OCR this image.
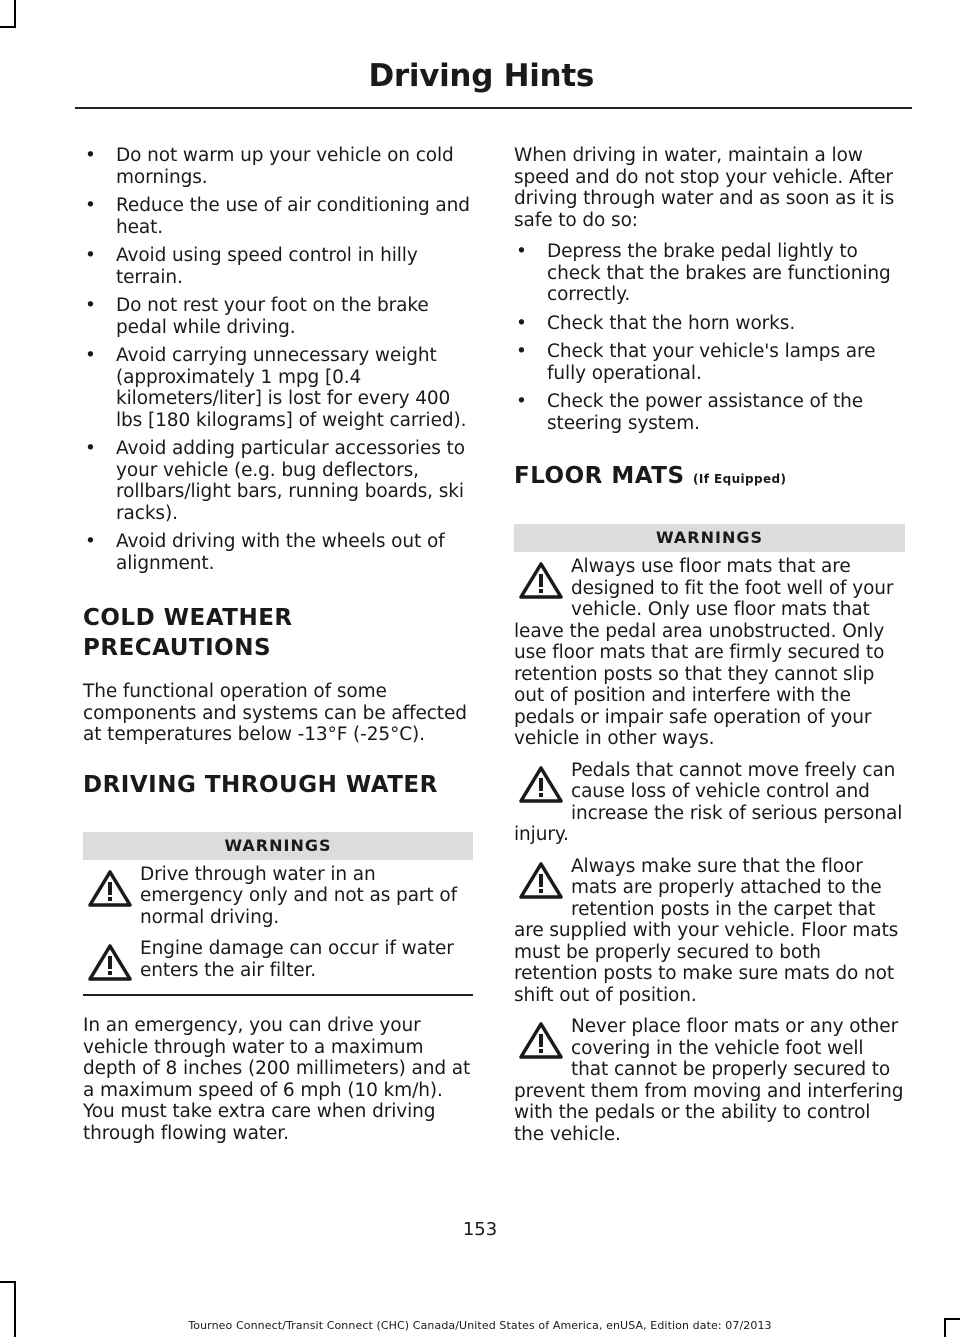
Driving Hints
• Do not warm up your vehicle on cold mornings.
• Reduce the use of air conditioning and heat.
• Avoid using speed control in hilly terrain.
• Do not rest your foot on the brake pedal while driving.
• Avoid carrying unnecessary weight (approximately 1 mpg [0.4 kilometers/liter] is lost for every 400 lbs [180 kilograms] of weight carried).
• Avoid adding particular accessories to your vehicle (e.g. bug deflectors, rollbars/light bars, running boards, ski racks).
• Avoid driving with the wheels out of alignment.
COLD WEATHER
PRECAUTIONS

The functional operation of some components and systems can be affected at temperatures below -13°F (-25°C).

DRIVING THROUGH WATER
WARNINGS
Drive through water in an emergency only and not as part of normal driving.
Engine damage can occur if water enters the air filter.

In an emergency, you can drive your vehicle through water to a maximum depth of 8 inches (200 millimeters) and at a maximum speed of 6 mph (10 km/h). You must take extra care when driving through flowing water.

When driving in water, maintain a low speed and do not stop your vehicle. After driving through water and as soon as it is safe to do so:

• Depress the brake pedal lightly to check that the brakes are functioning correctly.
• Check that the horn works.
• Check that your vehicle's lamps are fully operational.
• Check the power assistance of the steering system.
FLOOR MATS (If Equipped)
WARNINGS
Always use floor mats that are designed to fit the foot well of your vehicle. Only use floor mats that leave the pedal area unobstructed. Only use floor mats that are firmly secured to retention posts so that they cannot slip out of position and interfere with the pedals or impair safe operation of your vehicle in other ways.
Pedals that cannot move freely can cause loss of vehicle control and increase the risk of serious personal injury.
Always make sure that the floor mats are properly attached to the retention posts in the carpet that are supplied with your vehicle. Floor mats must be properly secured to both retention posts to make sure mats do not shift out of position.
Never place floor mats or any other covering in the vehicle foot well that cannot be properly secured to prevent them from moving and interfering with the pedals or the ability to control the vehicle.
153
Tourneo Connect/Transit Connect (CHC) Canada/United States of America, enUSA, Edition date: 07/2013
